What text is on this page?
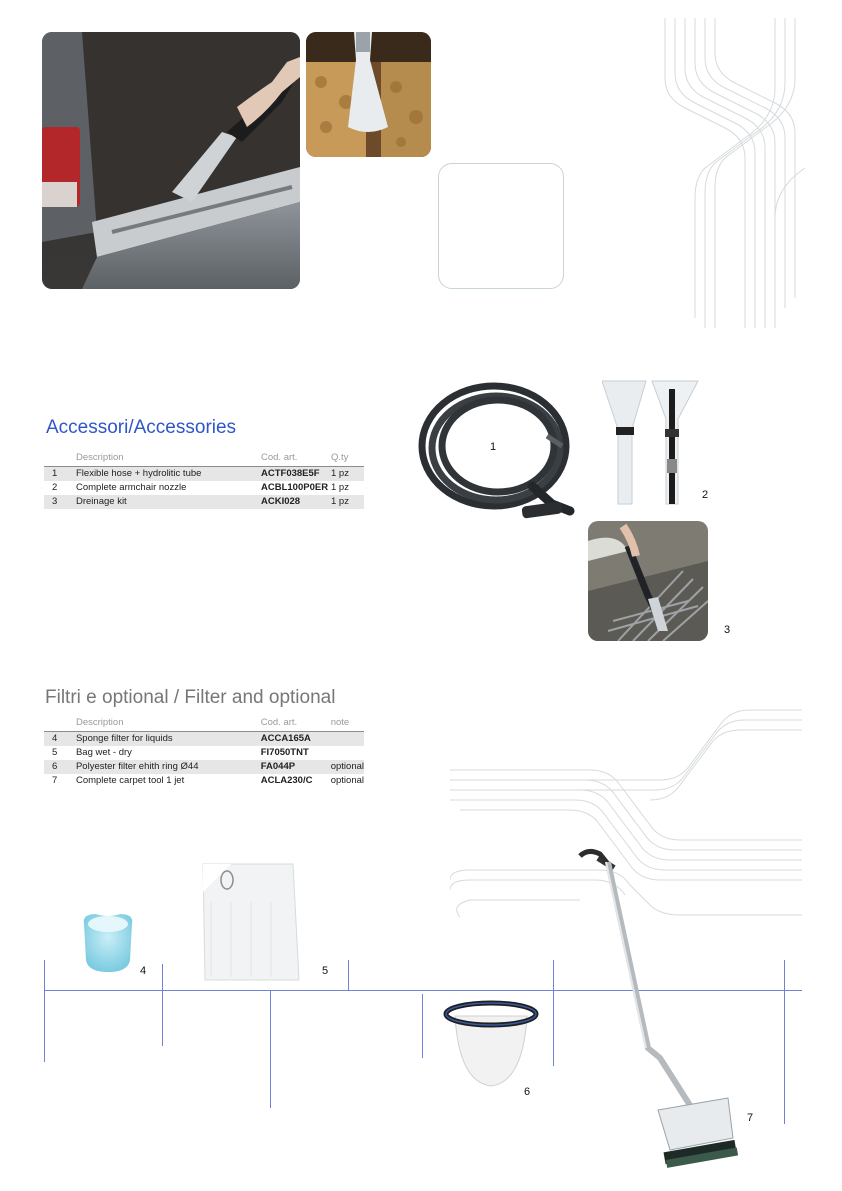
Accessori/Accessories
	Description	Cod. art.	Q.ty
1	Flexible hose + hydrolitic tube	ACTF038E5F	1 pz
2	Complete armchair nozzle	ACBL100P0ER	1 pz
3	Dreinage kit	ACKI028	1 pz
1
2
3
Filtri e optional / Filter and optional
	Description	Cod. art.	note
4	Sponge filter for liquids	ACCA165A	
5	Bag wet - dry	FI7050TNT	
6	Polyester filter ehith ring Ø44	FA044P	optional
7	Complete carpet tool 1 jet	ACLA230/C	optional
4	5
6
7
